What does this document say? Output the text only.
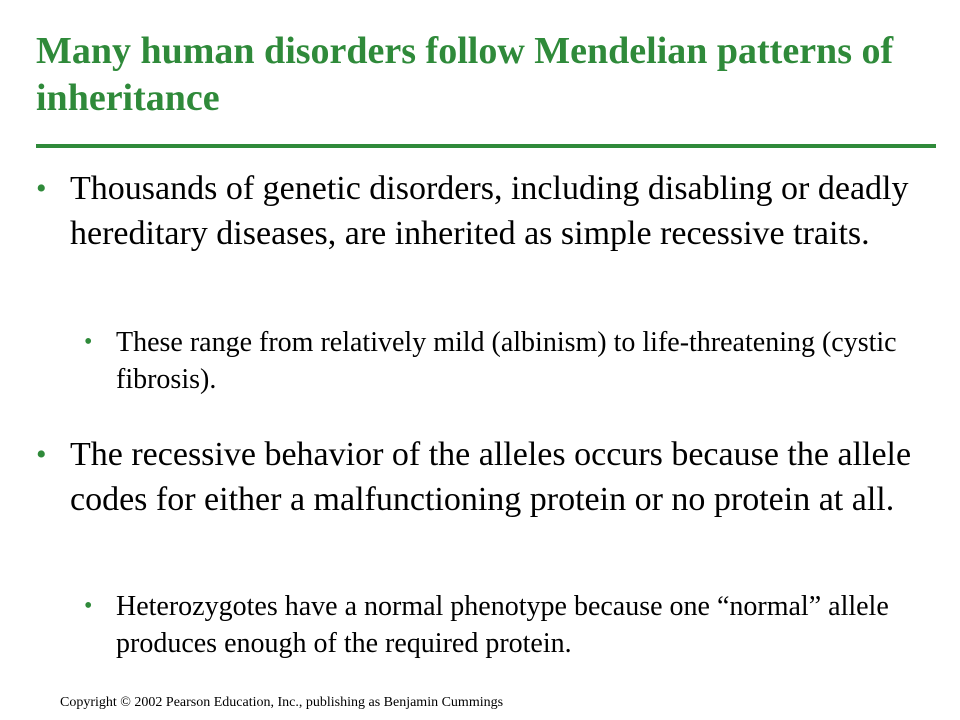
Many human disorders follow Mendelian patterns of inheritance
• Thousands of genetic disorders, including disabling or deadly hereditary diseases, are inherited as simple recessive traits.
• These range from relatively mild (albinism) to life-threatening (cystic fibrosis).
• The recessive behavior of the alleles occurs because the allele codes for either a malfunctioning protein or no protein at all.
• Heterozygotes have a normal phenotype because one “normal” allele produces enough of the required protein.
Copyright © 2002 Pearson Education, Inc., publishing as Benjamin Cummings
